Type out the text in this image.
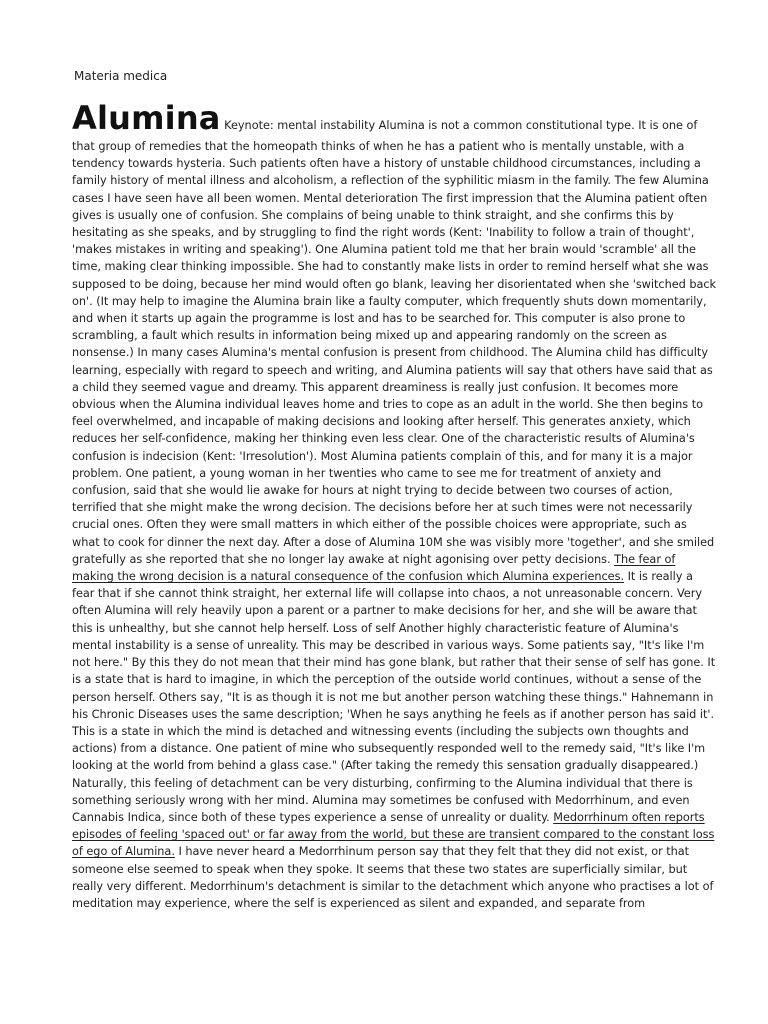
Materia medica
Alumina Keynote: mental instability Alumina is not a common constitutional type. It is one of that group of remedies that the homeopath thinks of when he has a patient who is mentally unstable, with a tendency towards hysteria. Such patients often have a history of unstable childhood circumstances, including a family history of mental illness and alcoholism, a reflection of the syphilitic miasm in the family. The few Alumina cases I have seen have all been women. Mental deterioration The first impression that the Alumina patient often gives is usually one of confusion. She complains of being unable to think straight, and she confirms this by hesitating as she speaks, and by struggling to find the right words (Kent: 'Inability to follow a train of thought', 'makes mistakes in writing and speaking'). One Alumina patient told me that her brain would 'scramble' all the time, making clear thinking impossible. She had to constantly make lists in order to remind herself what she was supposed to be doing, because her mind would often go blank, leaving her disorientated when she 'switched back on'. (It may help to imagine the Alumina brain like a faulty computer, which frequently shuts down momentarily, and when it starts up again the programme is lost and has to be searched for. This computer is also prone to scrambling, a fault which results in information being mixed up and appearing randomly on the screen as nonsense.) In many cases Alumina's mental confusion is present from childhood. The Alumina child has difficulty learning, especially with regard to speech and writing, and Alumina patients will say that others have said that as a child they seemed vague and dreamy. This apparent dreaminess is really just confusion. It becomes more obvious when the Alumina individual leaves home and tries to cope as an adult in the world. She then begins to feel overwhelmed, and incapable of making decisions and looking after herself. This generates anxiety, which reduces her self-confidence, making her thinking even less clear. One of the characteristic results of Alumina's confusion is indecision (Kent: 'Irresolution'). Most Alumina patients complain of this, and for many it is a major problem. One patient, a young woman in her twenties who came to see me for treatment of anxiety and confusion, said that she would lie awake for hours at night trying to decide between two courses of action, terrified that she might make the wrong decision. The decisions before her at such times were not necessarily crucial ones. Often they were small matters in which either of the possible choices were appropriate, such as what to cook for dinner the next day. After a dose of Alumina 10M she was visibly more 'together', and she smiled gratefully as she reported that she no longer lay awake at night agonising over petty decisions. The fear of making the wrong decision is a natural consequence of the confusion which Alumina experiences. It is really a fear that if she cannot think straight, her external life will collapse into chaos, a not unreasonable concern. Very often Alumina will rely heavily upon a parent or a partner to make decisions for her, and she will be aware that this is unhealthy, but she cannot help herself. Loss of self Another highly characteristic feature of Alumina's mental instability is a sense of unreality. This may be described in various ways. Some patients say, "It's like I'm not here." By this they do not mean that their mind has gone blank, but rather that their sense of self has gone. It is a state that is hard to imagine, in which the perception of the outside world continues, without a sense of the person herself. Others say, "It is as though it is not me but another person watching these things." Hahnemann in his Chronic Diseases uses the same description; 'When he says anything he feels as if another person has said it'. This is a state in which the mind is detached and witnessing events (including the subjects own thoughts and actions) from a distance. One patient of mine who subsequently responded well to the remedy said, "It's like I'm looking at the world from behind a glass case." (After taking the remedy this sensation gradually disappeared.) Naturally, this feeling of detachment can be very disturbing, confirming to the Alumina individual that there is something seriously wrong with her mind. Alumina may sometimes be confused with Medorrhinum, and even Cannabis Indica, since both of these types experience a sense of unreality or duality. Medorrhinum often reports episodes of feeling 'spaced out' or far away from the world, but these are transient compared to the constant loss of ego of Alumina. I have never heard a Medorrhinum person say that they felt that they did not exist, or that someone else seemed to speak when they spoke. It seems that these two states are superficially similar, but really very different. Medorrhinum's detachment is similar to the detachment which anyone who practises a lot of meditation may experience, where the self is experienced as silent and expanded, and separate from
